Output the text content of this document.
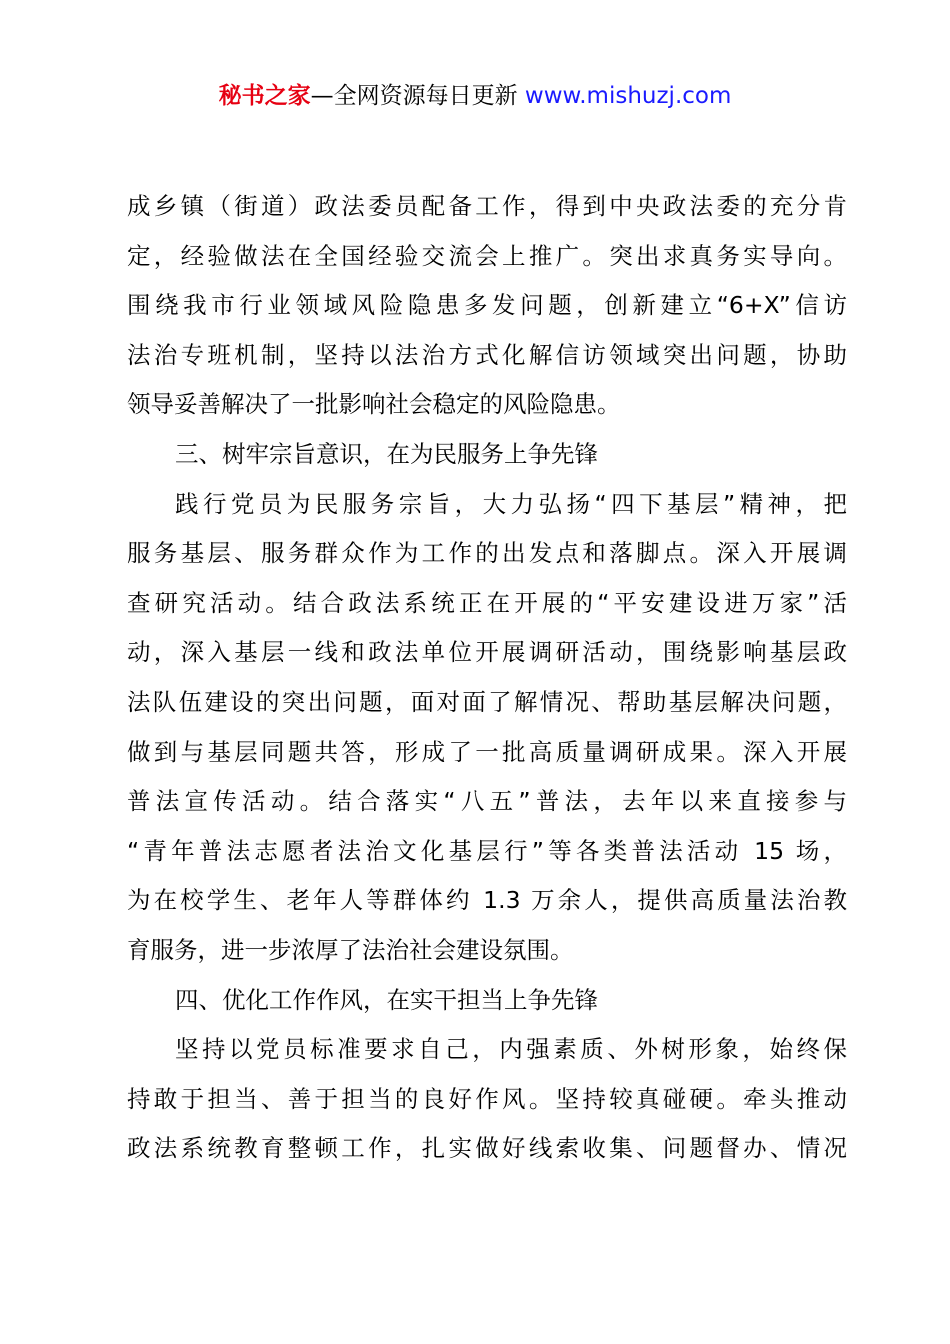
秘书之家—全网资源每日更新 www.mishuzj.com
成乡镇（街道）政法委员配备工作，得到中央政法委的充分肯
定，经验做法在全国经验交流会上推广。突出求真务实导向。
围绕我市行业领域风险隐患多发问题，创新建立“6+X”信访
法治专班机制，坚持以法治方式化解信访领域突出问题，协助
领导妥善解决了一批影响社会稳定的风险隐患。
三、树牢宗旨意识，在为民服务上争先锋
践行党员为民服务宗旨，大力弘扬“四下基层”精神，把
服务基层、服务群众作为工作的出发点和落脚点。深入开展调
查研究活动。结合政法系统正在开展的“平安建设进万家”活
动，深入基层一线和政法单位开展调研活动，围绕影响基层政
法队伍建设的突出问题，面对面了解情况、帮助基层解决问题，
做到与基层同题共答，形成了一批高质量调研成果。深入开展
普法宣传活动。结合落实“八五”普法，去年以来直接参与
“青年普法志愿者法治文化基层行”等各类普法活动 15 场，
为在校学生、老年人等群体约 1.3 万余人，提供高质量法治教
育服务，进一步浓厚了法治社会建设氛围。
四、优化工作作风，在实干担当上争先锋
坚持以党员标准要求自己，内强素质、外树形象，始终保
持敢于担当、善于担当的良好作风。坚持较真碰硬。牵头推动
政法系统教育整顿工作，扎实做好线索收集、问题督办、情况
